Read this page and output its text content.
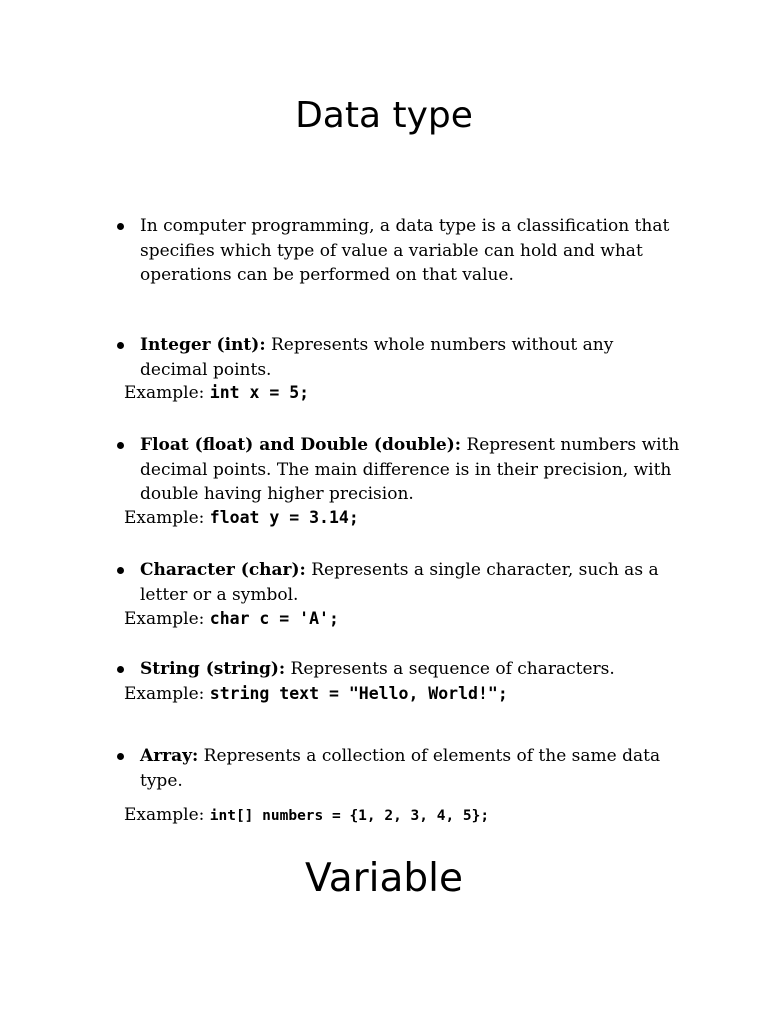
Data type
In computer programming, a data type is a classification that specifies which type of value a variable can hold and what operations can be performed on that value.
Integer (int): Represents whole numbers without any decimal points.
Example: int x = 5;
Float (float) and Double (double): Represent numbers with decimal points. The main difference is in their precision, with double having higher precision.
Example: float y = 3.14;
Character (char): Represents a single character, such as a letter or a symbol.
Example: char c = 'A';
String (string): Represents a sequence of characters.
Example: string text = "Hello, World!";
Array: Represents a collection of elements of the same data type.
Example: int[] numbers = {1, 2, 3, 4, 5};
Variable
